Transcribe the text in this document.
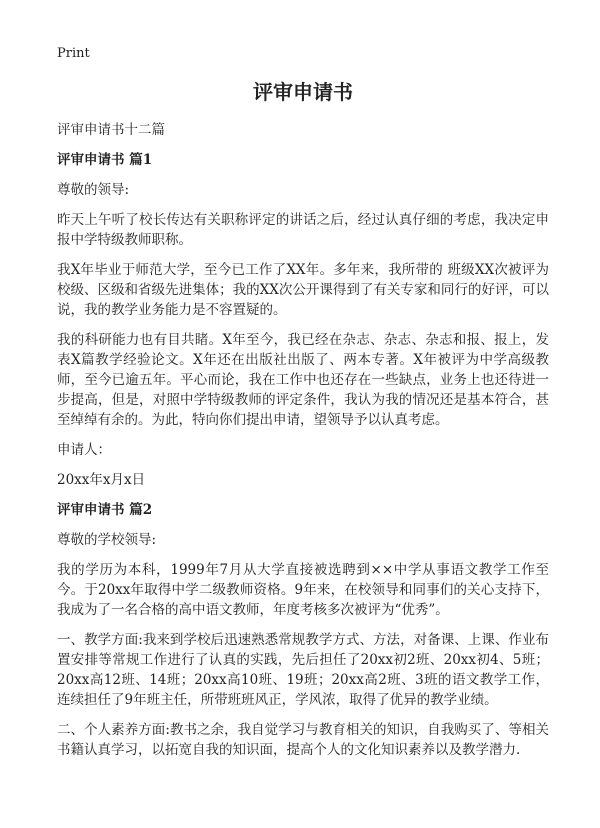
Print
评审申请书

评审申请书十二篇

评审申请书 篇1

尊敬的领导:

昨天上午听了校长传达有关职称评定的讲话之后，经过认真仔细的考虑，我决定申报中学特级教师职称。

我X年毕业于师范大学，至今已工作了XX年。多年来，我所带的 班级XX次被评为校级、区级和省级先进集体；我的XX次公开课得到了有关专家和同行的好评，可以说，我的教学业务能力是不容置疑的。

我的科研能力也有目共睹。X年至今，我已经在杂志、杂志、杂志和报、报上，发表X篇教学经验论文。X年还在出版社出版了、两本专著。X年被评为中学高级教师，至今已逾五年。平心而论，我在工作中也还存在一些缺点，业务上也还待进一步提高，但是，对照中学特级教师的评定条件，我认为我的情况还是基本符合，甚至绰绰有余的。为此，特向你们提出申请，望领导予以认真考虑。

申请人：

20xx年x月x日

评审申请书 篇2

尊敬的学校领导:

我的学历为本科，1999年7月从大学直接被选聘到××中学从事语文教学工作至今。于20xx年取得中学二级教师资格。9年来，在校领导和同事们的关心支持下，我成为了一名合格的高中语文教师，年度考核多次被评为“优秀”。

一、教学方面:我来到学校后迅速熟悉常规教学方式、方法，对备课、上课、作业布置安排等常规工作进行了认真的实践，先后担任了20xx初2班、20xx初4、5班；20xx高12班、14班；20xx高10班、19班；20xx高2班、3班的语文教学工作，连续担任了9年班主任，所带班班风正，学风浓，取得了优异的教学业绩。

二、个人素养方面:教书之余，我自觉学习与教育相关的知识，自我购买了、等相关书籍认真学习，以拓宽自我的知识面，提高个人的文化知识素养以及教学潜力.
